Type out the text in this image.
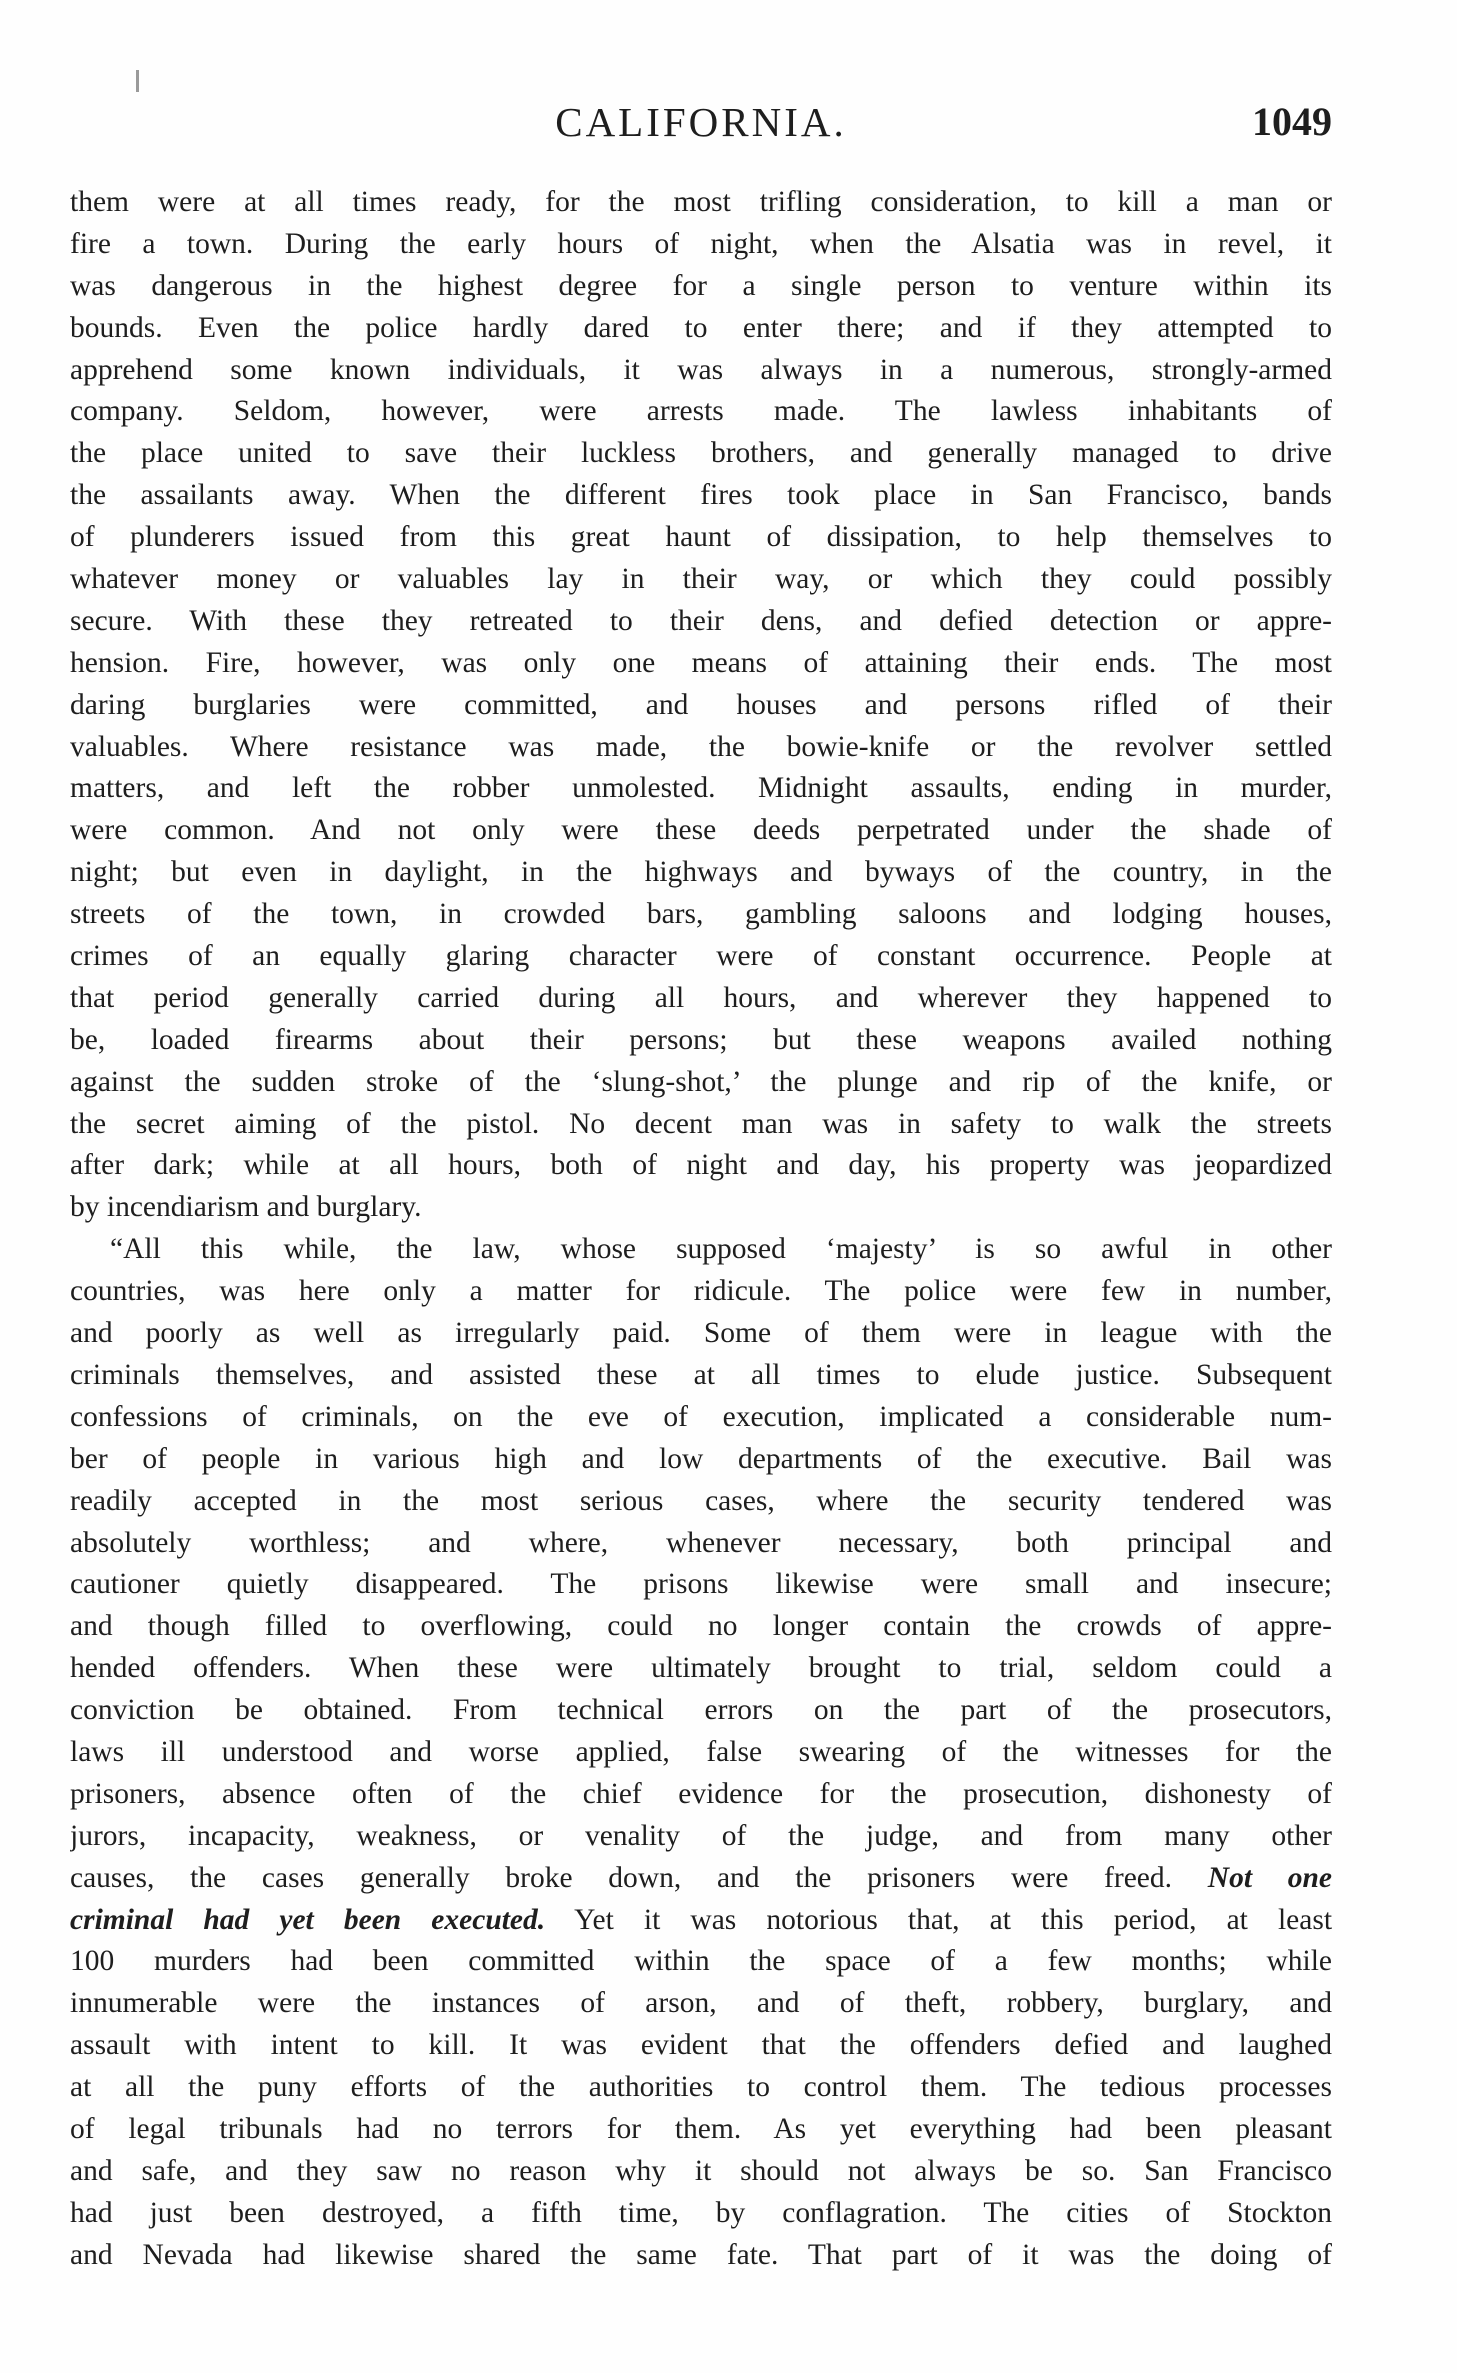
CALIFORNIA.	1049
them were at all times ready, for the most trifling consideration, to kill a man or
fire a town. During the early hours of night, when the Alsatia was in revel, it
was dangerous in the highest degree for a single person to venture within its
bounds. Even the police hardly dared to enter there; and if they attempted to
apprehend some known individuals, it was always in a numerous, strongly-armed
company. Seldom, however, were arrests made. The lawless inhabitants of
the place united to save their luckless brothers, and generally managed to drive
the assailants away. When the different fires took place in San Francisco, bands
of plunderers issued from this great haunt of dissipation, to help themselves to
whatever money or valuables lay in their way, or which they could possibly
secure. With these they retreated to their dens, and defied detection or appre-
hension. Fire, however, was only one means of attaining their ends. The most
daring burglaries were committed, and houses and persons rifled of their
valuables. Where resistance was made, the bowie-knife or the revolver settled
matters, and left the robber unmolested. Midnight assaults, ending in murder,
were common. And not only were these deeds perpetrated under the shade of
night; but even in daylight, in the highways and byways of the country, in the
streets of the town, in crowded bars, gambling saloons and lodging houses,
crimes of an equally glaring character were of constant occurrence. People at
that period generally carried during all hours, and wherever they happened to
be, loaded firearms about their persons; but these weapons availed nothing
against the sudden stroke of the ‘slung-shot,’ the plunge and rip of the knife, or
the secret aiming of the pistol. No decent man was in safety to walk the streets
after dark; while at all hours, both of night and day, his property was jeopardized
by incendiarism and burglary.
“All this while, the law, whose supposed ‘majesty’ is so awful in other
countries, was here only a matter for ridicule. The police were few in number,
and poorly as well as irregularly paid. Some of them were in league with the
criminals themselves, and assisted these at all times to elude justice. Subsequent
confessions of criminals, on the eve of execution, implicated a considerable num-
ber of people in various high and low departments of the executive. Bail was
readily accepted in the most serious cases, where the security tendered was
absolutely worthless; and where, whenever necessary, both principal and
cautioner quietly disappeared. The prisons likewise were small and insecure;
and though filled to overflowing, could no longer contain the crowds of appre-
hended offenders. When these were ultimately brought to trial, seldom could a
conviction be obtained. From technical errors on the part of the prosecutors,
laws ill understood and worse applied, false swearing of the witnesses for the
prisoners, absence often of the chief evidence for the prosecution, dishonesty of
jurors, incapacity, weakness, or venality of the judge, and from many other
causes, the cases generally broke down, and the prisoners were freed. Not one
criminal had yet been executed. Yet it was notorious that, at this period, at least
100 murders had been committed within the space of a few months; while
innumerable were the instances of arson, and of theft, robbery, burglary, and
assault with intent to kill. It was evident that the offenders defied and laughed
at all the puny efforts of the authorities to control them. The tedious processes
of legal tribunals had no terrors for them. As yet everything had been pleasant
and safe, and they saw no reason why it should not always be so. San Francisco
had just been destroyed, a fifth time, by conflagration. The cities of Stockton
and Nevada had likewise shared the same fate. That part of it was the doing of
